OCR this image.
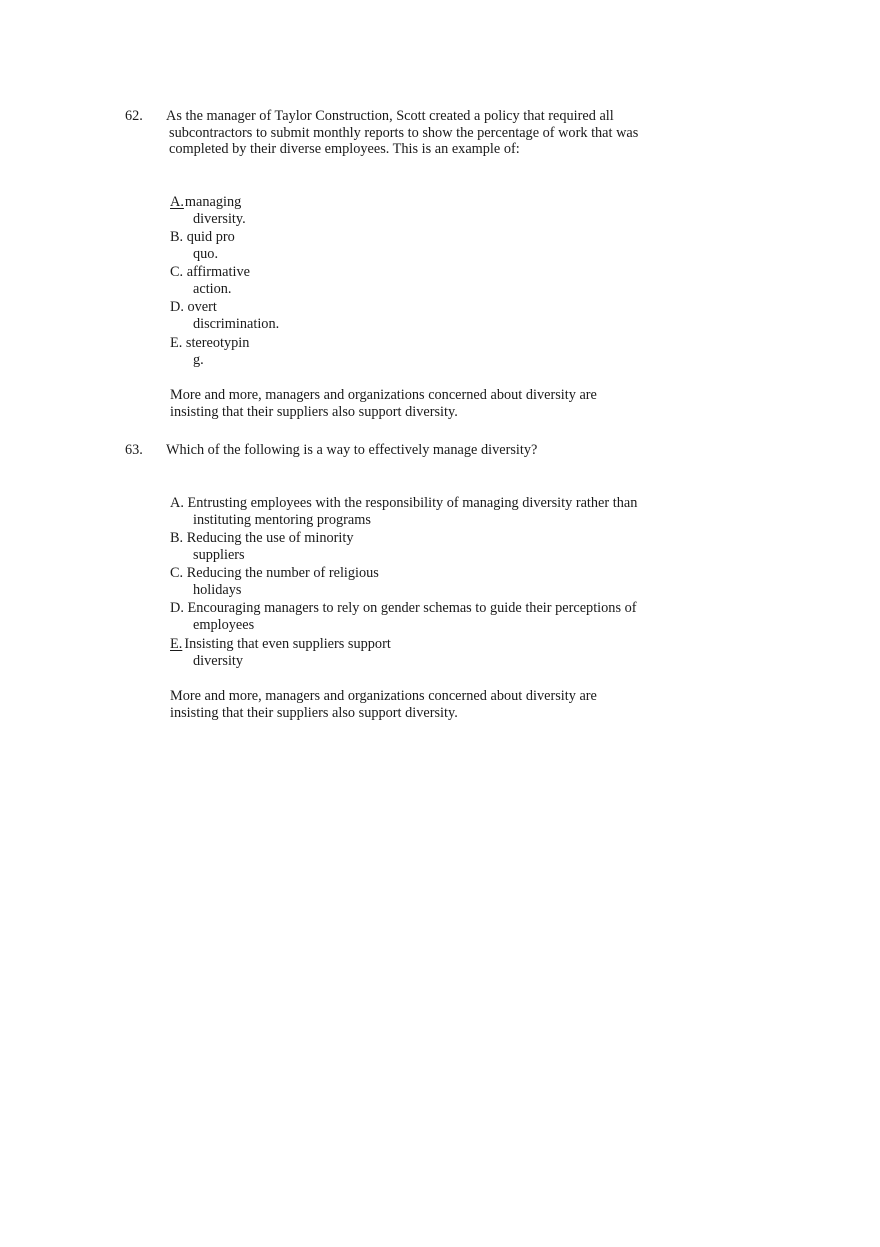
62. As the manager of Taylor Construction, Scott created a policy that required all
subcontractors to submit monthly reports to show the percentage of work that was
completed by their diverse employees. This is an example of:
A.managing
diversity.
B. quid pro
quo.
C. affirmative
action.
D. overt
discrimination.
E. stereotypin
g.
More and more, managers and organizations concerned about diversity are
insisting that their suppliers also support diversity.
63. Which of the following is a way to effectively manage diversity?
A. Entrusting employees with the responsibility of managing diversity rather than
instituting mentoring programs
B. Reducing the use of minority
suppliers
C. Reducing the number of religious
holidays
D. Encouraging managers to rely on gender schemas to guide their perceptions of
employees
E. Insisting that even suppliers support
diversity
More and more, managers and organizations concerned about diversity are
insisting that their suppliers also support diversity.
